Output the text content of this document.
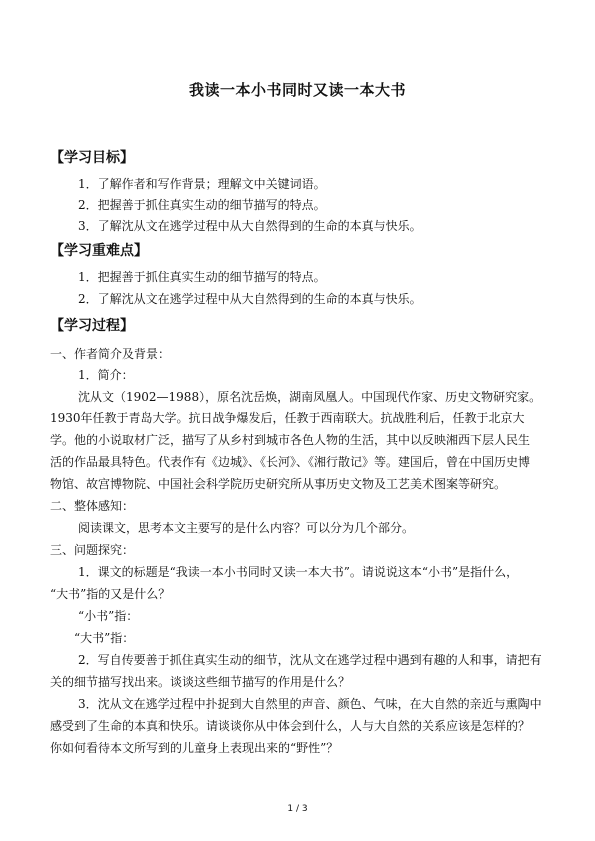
我读一本小书同时又读一本大书
【学习目标】
1．了解作者和写作背景；理解文中关键词语。
2．把握善于抓住真实生动的细节描写的特点。
3．了解沈从文在逃学过程中从大自然得到的生命的本真与快乐。
【学习重难点】
1．把握善于抓住真实生动的细节描写的特点。
2．了解沈从文在逃学过程中从大自然得到的生命的本真与快乐。
【学习过程】
一、作者简介及背景：
1．简介：
沈从文（1902—1988），原名沈岳焕，湖南凤凰人。中国现代作家、历史文物研究家。
1930年任教于青岛大学。抗日战争爆发后，任教于西南联大。抗战胜利后，任教于北京大
学。他的小说取材广泛，描写了从乡村到城市各色人物的生活，其中以反映湘西下层人民生
活的作品最具特色。代表作有《边城》、《长河》、《湘行散记》等。建国后，曾在中国历史博
物馆、故宫博物院、中国社会科学院历史研究所从事历史文物及工艺美术图案等研究。
二、整体感知：
阅读课文，思考本文主要写的是什么内容？可以分为几个部分。
三、问题探究：
1．课文的标题是“我读一本小书同时又读一本大书”。请说说这本“小书”是指什么，
“大书”指的又是什么？
“小书”指：
“大书”指：
2．写自传要善于抓住真实生动的细节，沈从文在逃学过程中遇到有趣的人和事，请把有
关的细节描写找出来。谈谈这些细节描写的作用是什么？
3．沈从文在逃学过程中扑捉到大自然里的声音、颜色、气味，在大自然的亲近与熏陶中
感受到了生命的本真和快乐。请谈谈你从中体会到什么，人与大自然的关系应该是怎样的？
你如何看待本文所写到的儿童身上表现出来的“野性”？
1 / 3
